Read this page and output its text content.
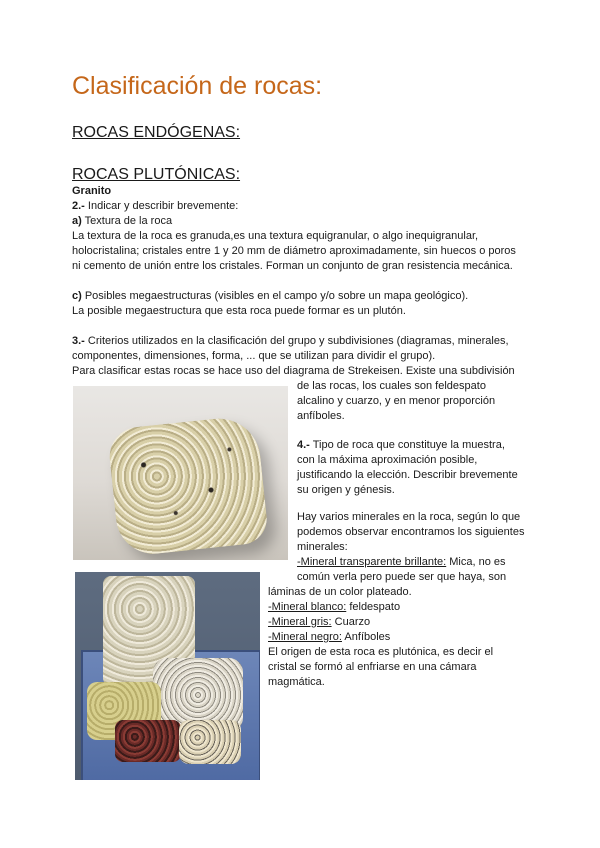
Clasificación de rocas:
ROCAS ENDÓGENAS:
ROCAS PLUTÓNICAS:
Granito
2.- Indicar y describir brevemente:
a) Textura de la roca
La textura de la roca es granuda,es una textura equigranular, o algo inequigranular,
holocristalina; cristales entre 1 y 20 mm de diámetro aproximadamente, sin huecos o poros
ni cemento de unión entre los cristales. Forman un conjunto de gran resistencia mecánica.
c) Posibles megaestructuras (visibles en el campo y/o sobre un mapa geológico).
La posible megaestructura que esta roca puede formar es un plutón.
3.- Criterios utilizados en la clasificación del grupo y subdivisiones (diagramas, minerales,
componentes, dimensiones, forma, ... que se utilizan para dividir el grupo).
Para clasificar estas rocas se hace uso del diagrama de Strekeisen. Existe una subdivisión
de las rocas, los cuales son feldespato
alcalino y cuarzo, y en menor proporción
anfíboles.
4.- Tipo de roca que constituye la muestra,
con la máxima aproximación posible,
justificando la elección. Describir brevemente
su origen y génesis.
Hay varios minerales en la roca, según lo que
podemos observar encontramos los siguientes
minerales:
-Mineral transparente brillante: Mica, no es
común verla pero puede ser que haya, son
láminas de un color plateado.
-Mineral blanco: feldespato
-Mineral gris: Cuarzo
-Mineral negro: Anfíboles
El origen de esta roca es plutónica, es decir el
cristal se formó al enfriarse en una cámara
magmática.
